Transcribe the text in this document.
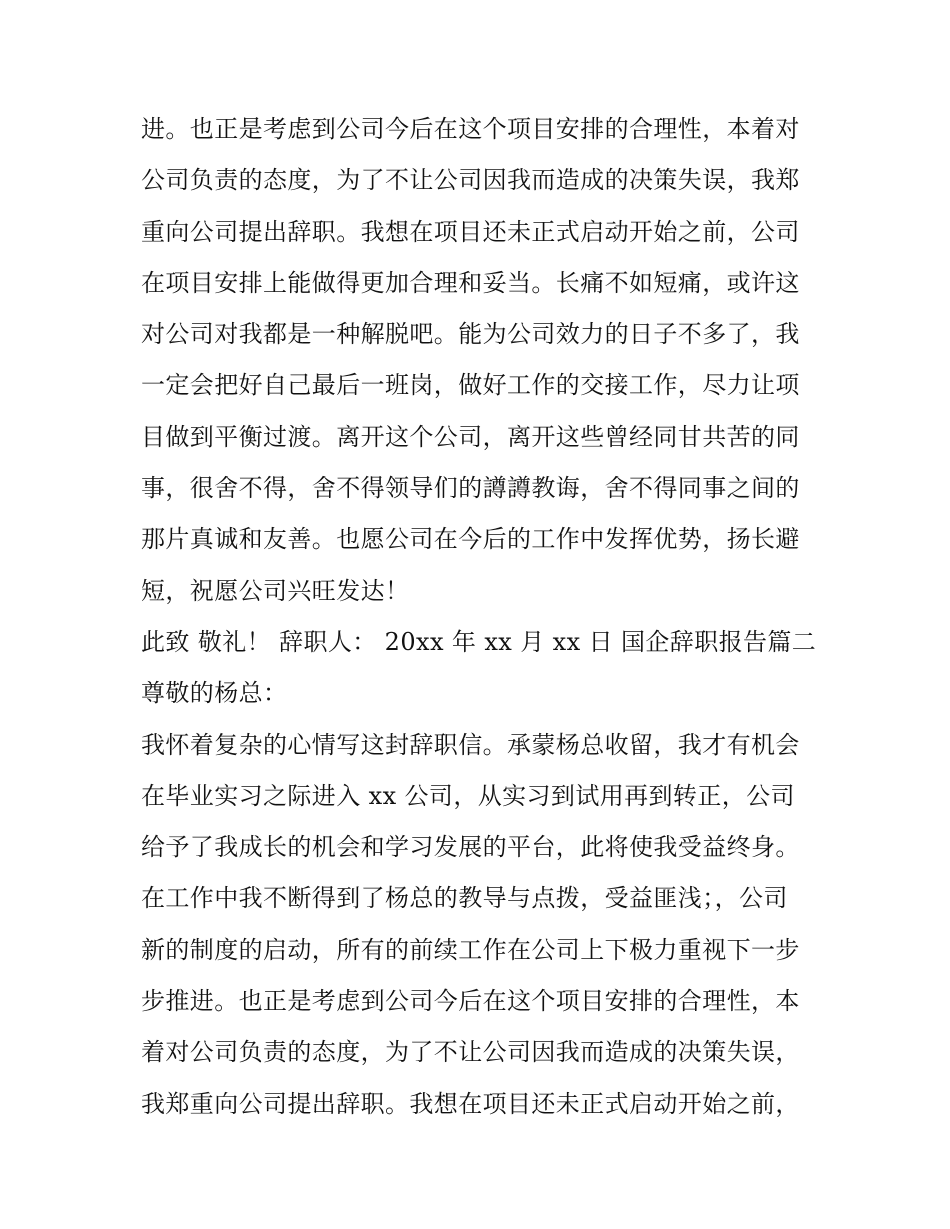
进。也正是考虑到公司今后在这个项目安排的合理性，本着对
公司负责的态度，为了不让公司因我而造成的决策失误，我郑
重向公司提出辞职。我想在项目还未正式启动开始之前，公司
在项目安排上能做得更加合理和妥当。长痛不如短痛，或许这
对公司对我都是一种解脱吧。能为公司效力的日子不多了，我
一定会把好自己最后一班岗，做好工作的交接工作，尽力让项
目做到平衡过渡。离开这个公司，离开这些曾经同甘共苦的同
事，很舍不得，舍不得领导们的譐譐教诲，舍不得同事之间的
那片真诚和友善。也愿公司在今后的工作中发挥优势，扬长避
短，祝愿公司兴旺发达！
此致 敬礼！ 辞职人： 20xx 年 xx 月 xx 日 国企辞职报告篇二
尊敬的杨总：
我怀着复杂的心情写这封辞职信。承蒙杨总收留，我才有机会
在毕业实习之际进入 xx 公司，从实习到试用再到转正，公司
给予了我成长的机会和学习发展的平台，此将使我受益终身。
在工作中我不断得到了杨总的教导与点拨，受益匪浅；，公司
新的制度的启动，所有的前续工作在公司上下极力重视下一步
步推进。也正是考虑到公司今后在这个项目安排的合理性，本
着对公司负责的态度，为了不让公司因我而造成的决策失误，
我郑重向公司提出辞职。我想在项目还未正式启动开始之前，
